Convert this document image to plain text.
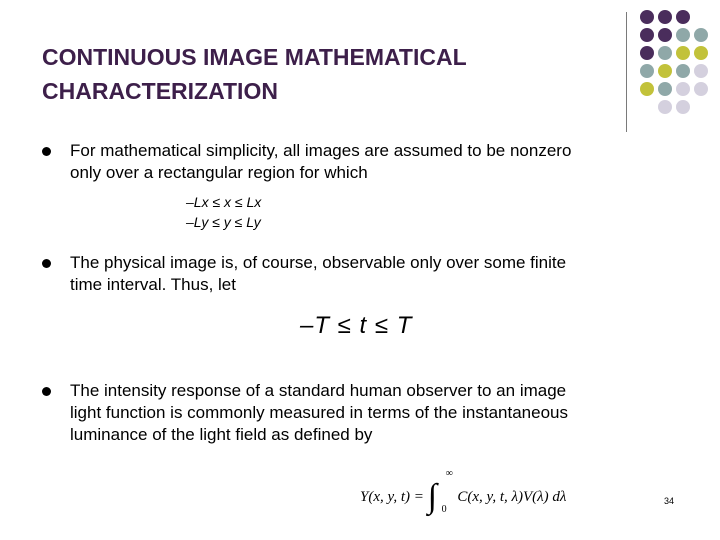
CONTINUOUS IMAGE MATHEMATICAL
CHARACTERIZATION
For mathematical simplicity, all images are assumed to be nonzero
only over a rectangular region for which
–Lx ≤ x ≤ Lx
–Ly ≤ y ≤ Ly
The physical image is, of course, observable only over some finite
time interval. Thus, let
–T ≤ t ≤ T
The intensity response of a standard human observer to an image
light function is commonly measured in terms of the instantaneous
luminance of the light field as defined by
Y(x, y, t) = ∫
∞
0
C(x, y, t, λ)V(λ) dλ	34
